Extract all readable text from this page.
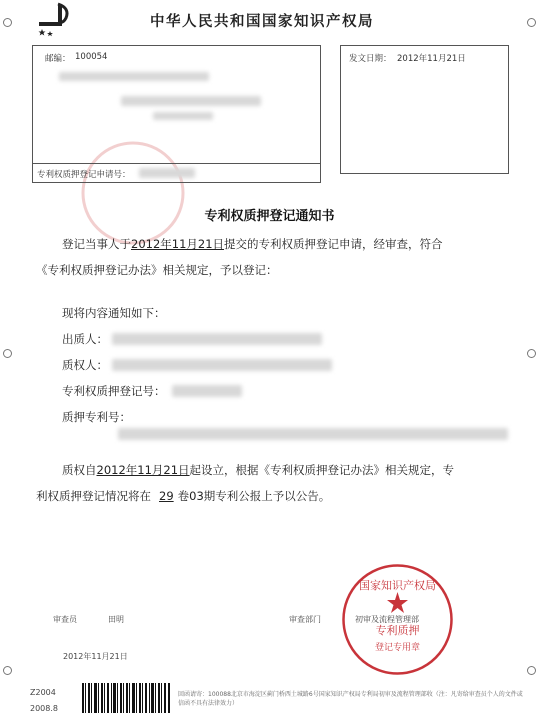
中华人民共和国国家知识产权局
邮编： 100054
专利权质押登记申请号：
发文日期： 2012年11月21日
专利权质押登记通知书
登记当事人于2012年11月21日提交的专利权质押登记申请，经审查，符合
《专利权质押登记办法》相关规定，予以登记：
现将内容通知如下：
出质人：
质权人：
专利权质押登记号：
质押专利号：
质权自2012年11月21日起设立，根据《专利权质押登记办法》相关规定，专
利权质押登记情况将在 29 卷03期专利公报上予以公告。
审查员	田明	审查部门	初审及流程管理部
2012年11月21日
国家知识产权局
专利质押
登记专用章
Z2004
2008.8
回函请寄：100088北京市海淀区蓟门桥西土城路6号国家知识产权局专利局初审及流程管理部收（注：凡寄给审查员个人的文件或信函不具有法律效力）
